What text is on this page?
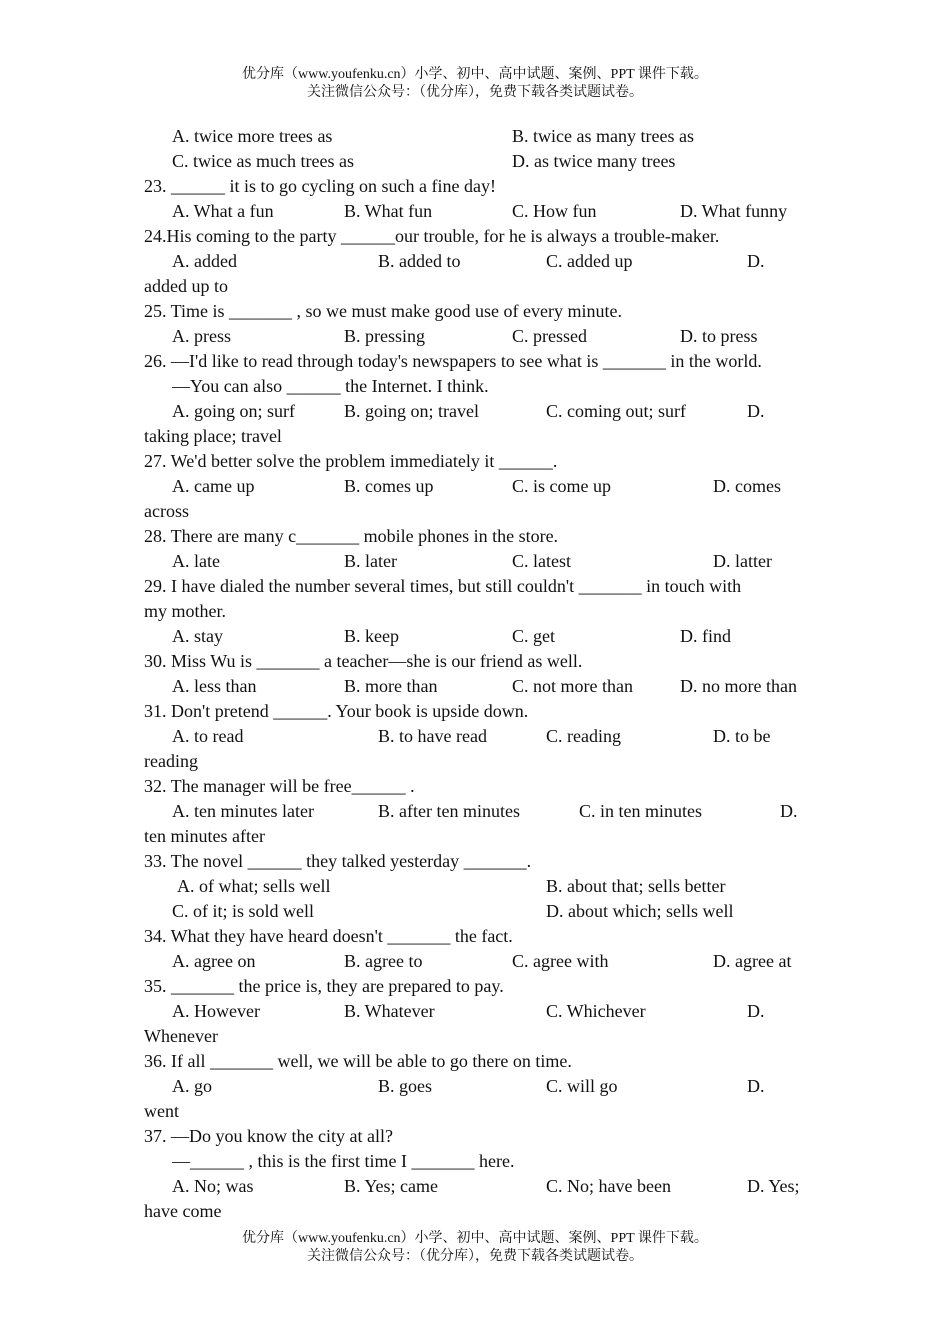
优分库（www.youfenku.cn）小学、初中、高中试题、案例、PPT 课件下载。
关注微信公众号：（优分库），免费下载各类试题试卷。
A. twice more trees as	B. twice as many trees as
C. twice as much trees as	D. as twice many trees
23. ______ it is to go cycling on such a fine day!
A. What a fun	B. What fun	C. How fun	D. What funny
24.His coming to the party ______our trouble, for he is always a trouble-maker.
A. added	B. added to	C. added up	D.
added up to
25. Time is _______ , so we must make good use of every minute.
A. press	B. pressing	C. pressed	D. to press
26. —I'd like to read through today's newspapers to see what is _______ in the world.
—You can also ______ the Internet. I think.
A. going on; surf	B. going on; travel	C. coming out; surf	D.
taking place; travel
27. We'd better solve the problem immediately it ______.
A. came up	B. comes up	C. is come up	D. comes
across
28. There are many c_______ mobile phones in the store.
A. late	B. later	C. latest	D. latter
29. I have dialed the number several times, but still couldn't _______ in touch with
my mother.
A. stay	B. keep	C. get	D. find
30. Miss Wu is _______ a teacher—she is our friend as well.
A. less than	B. more than	C. not more than	D. no more than
31. Don't pretend ______. Your book is upside down.
A. to read	B. to have read	C. reading	D. to be
reading
32. The manager will be free______ .
A. ten minutes later	B. after ten minutes	C. in ten minutes	D.
ten minutes after
33. The novel ______ they talked yesterday _______.
A. of what; sells well	B. about that; sells better
C. of it; is sold well	D. about which; sells well
34. What they have heard doesn't _______ the fact.
A. agree on	B. agree to	C. agree with	D. agree at
35. _______ the price is, they are prepared to pay.
A. However	B. Whatever	C. Whichever	D.
Whenever
36. If all _______ well, we will be able to go there on time.
A. go	B. goes	C. will go	D.
went
37. —Do you know the city at all?
—______ , this is the first time I _______ here.
A. No; was	B. Yes; came	C. No; have been	D. Yes;
have come
优分库（www.youfenku.cn）小学、初中、高中试题、案例、PPT 课件下载。
关注微信公众号：（优分库），免费下载各类试题试卷。
